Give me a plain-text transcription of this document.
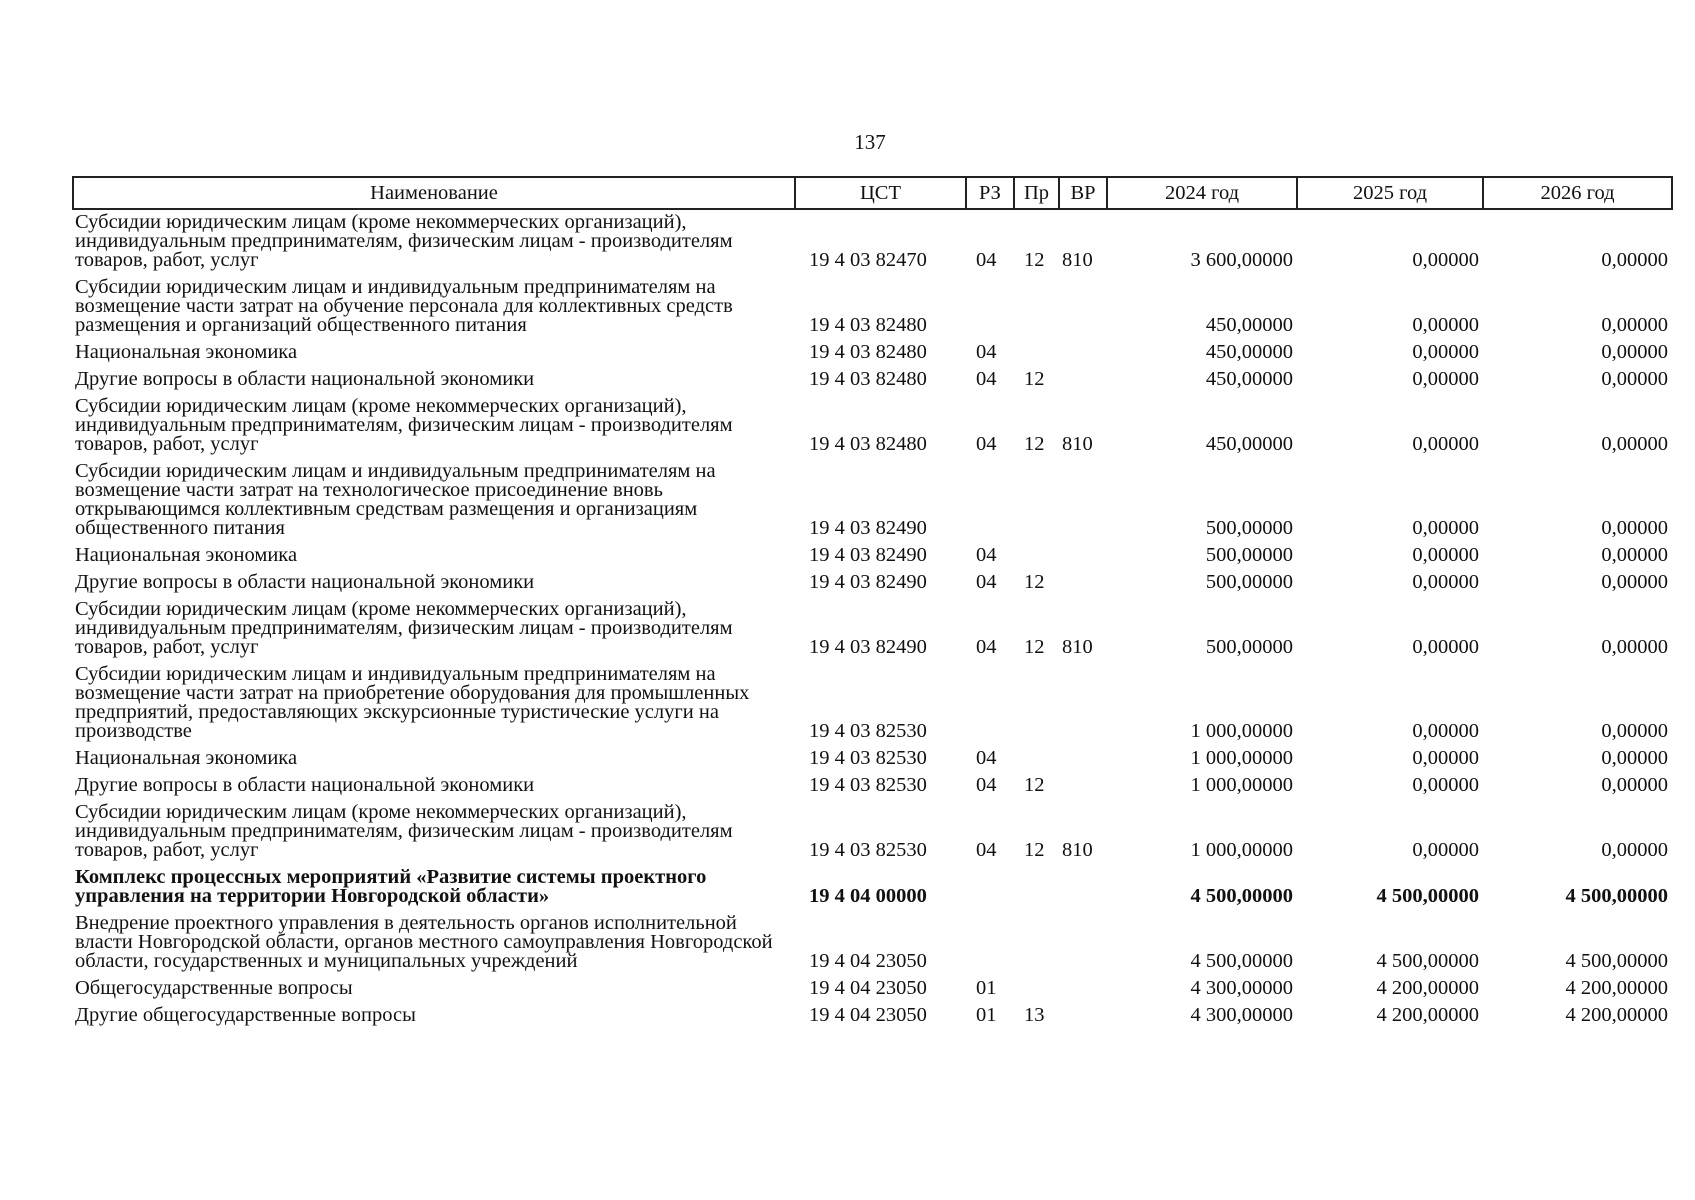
137
Наименование	ЦСТ	РЗ	Пр	ВР	2024 год	2025 год	2026 год
Субсидии юридическим лицам (кроме некоммерческих организаций), индивидуальным предпринимателям, физическим лицам - производителям товаров, работ, услуг	19 4 03 82470	04	12	810	3 600,00000	0,00000	0,00000
Субсидии юридическим лицам и индивидуальным предпринимателям на возмещение части затрат на обучение персонала для коллективных средств размещения и организаций общественного питания	19 4 03 82480				450,00000	0,00000	0,00000
Национальная экономика	19 4 03 82480	04			450,00000	0,00000	0,00000
Другие вопросы в области национальной экономики	19 4 03 82480	04	12		450,00000	0,00000	0,00000
Субсидии юридическим лицам (кроме некоммерческих организаций), индивидуальным предпринимателям, физическим лицам - производителям товаров, работ, услуг	19 4 03 82480	04	12	810	450,00000	0,00000	0,00000
Субсидии юридическим лицам и индивидуальным предпринимателям на возмещение части затрат на технологическое присоединение вновь открывающимся коллективным средствам размещения и организациям общественного питания	19 4 03 82490				500,00000	0,00000	0,00000
Национальная экономика	19 4 03 82490	04			500,00000	0,00000	0,00000
Другие вопросы в области национальной экономики	19 4 03 82490	04	12		500,00000	0,00000	0,00000
Субсидии юридическим лицам (кроме некоммерческих организаций), индивидуальным предпринимателям, физическим лицам - производителям товаров, работ, услуг	19 4 03 82490	04	12	810	500,00000	0,00000	0,00000
Субсидии юридическим лицам и индивидуальным предпринимателям на возмещение части затрат на приобретение оборудования для промышленных предприятий, предоставляющих экскурсионные туристические услуги на производстве	19 4 03 82530				1 000,00000	0,00000	0,00000
Национальная экономика	19 4 03 82530	04			1 000,00000	0,00000	0,00000
Другие вопросы в области национальной экономики	19 4 03 82530	04	12		1 000,00000	0,00000	0,00000
Субсидии юридическим лицам (кроме некоммерческих организаций), индивидуальным предпринимателям, физическим лицам - производителям товаров, работ, услуг	19 4 03 82530	04	12	810	1 000,00000	0,00000	0,00000
Комплекс процессных мероприятий «Развитие системы проектного управления на территории Новгородской области»	19 4 04 00000				4 500,00000	4 500,00000	4 500,00000
Внедрение проектного управления в деятельность органов исполнительной власти Новгородской области, органов местного самоуправления Новгородской области, государственных и муниципальных учреждений	19 4 04 23050				4 500,00000	4 500,00000	4 500,00000
Общегосударственные вопросы	19 4 04 23050	01			4 300,00000	4 200,00000	4 200,00000
Другие общегосударственные вопросы	19 4 04 23050	01	13		4 300,00000	4 200,00000	4 200,00000
